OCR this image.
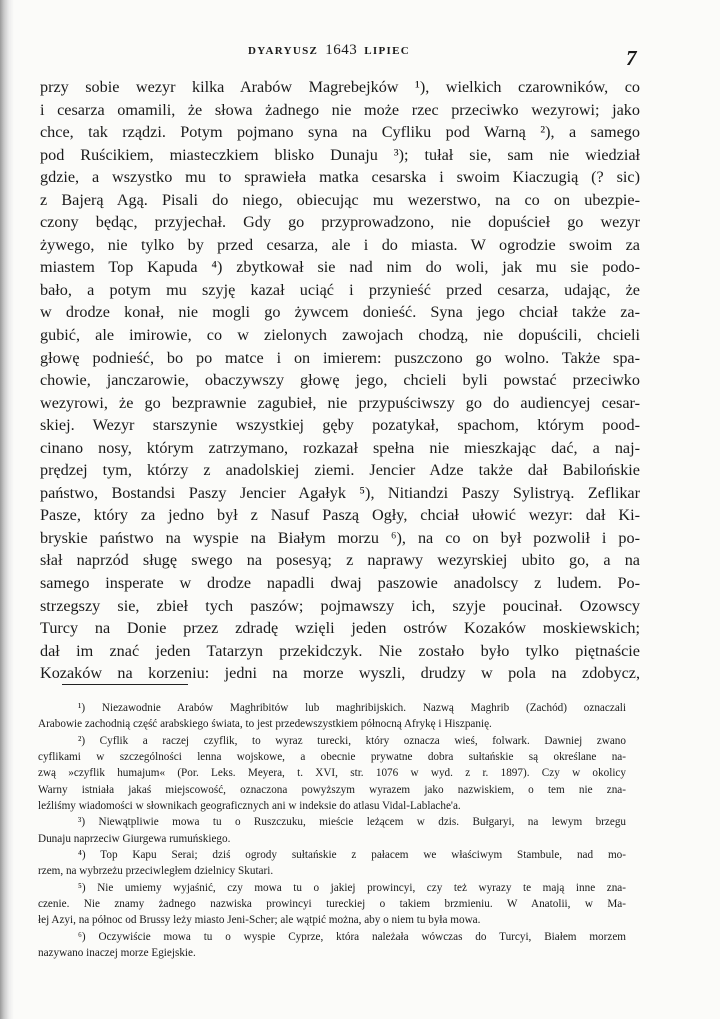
DYARYUSZ 1643 LIPIEC	7
przy sobie wezyr kilka Arabów Magrebejków ¹), wielkich czarowników, co
i cesarza omamili, że słowa żadnego nie może rzec przeciwko wezyrowi; jako
chce, tak rządzi. Potym pojmano syna na Cyfliku pod Warną ²), a samego
pod Ruścikiem, miasteczkiem blisko Dunaju ³); tułał sie, sam nie wiedział
gdzie, a wszystko mu to sprawieła matka cesarska i swoim Kiaczugią (? sic)
z Bajerą Agą. Pisali do niego, obiecując mu wezerstwo, na co on ubezpie-
czony będąc, przyjechał. Gdy go przyprowadzono, nie dopuścieł go wezyr
żywego, nie tylko by przed cesarza, ale i do miasta. W ogrodzie swoim za
miastem Top Kapuda ⁴) zbytkował sie nad nim do woli, jak mu sie podo-
bało, a potym mu szyję kazał uciąć i przynieść przed cesarza, udając, że
w drodze konał, nie mogli go żywcem donieść. Syna jego chciał także za-
gubić, ale imirowie, co w zielonych zawojach chodzą, nie dopuścili, chcieli
głowę podnieść, bo po matce i on imierem: puszczono go wolno. Także spa-
chowie, janczarowie, obaczywszy głowę jego, chcieli byli powstać przeciwko
wezyrowi, że go bezprawnie zagubieł, nie przypuściwszy go do audiencyej cesar-
skiej. Wezyr starszynie wszystkiej gęby pozatykał, spachom, którym pood-
cinano nosy, którym zatrzymano, rozkazał spełna nie mieszkając dać, a naj-
prędzej tym, którzy z anadolskiej ziemi. Jencier Adze także dał Babilońskie
państwo, Bostandsi Paszy Jencier Agałyk ⁵), Nitiandzi Paszy Sylistryą. Zeflikar
Pasze, który za jedno był z Nasuf Paszą Ogły, chciał ułowić wezyr: dał Ki-
bryskie państwo na wyspie na Białym morzu ⁶), na co on był pozwolił i po-
słał naprzód sługę swego na posesyą; z naprawy wezyrskiej ubito go, a na
samego insperate w drodze napadli dwaj paszowie anadolscy z ludem. Po-
strzegszy sie, zbieł tych paszów; pojmawszy ich, szyje poucinał. Ozowscy
Turcy na Donie przez zdradę wzięli jeden ostrów Kozaków moskiewskich;
dał im znać jeden Tatarzyn przekidczyk. Nie zostało było tylko piętnaście
Kozaków na korzeniu: jedni na morze wyszli, drudzy w pola na zdobycz,
¹) Niezawodnie Arabów Maghribitów lub maghribijskich. Nazwą Maghrib (Zachód) oznaczali
Arabowie zachodnią część arabskiego świata, to jest przedewszystkiem północną Afrykę i Hiszpanię.
²) Cyflik a raczej czyflik, to wyraz turecki, który oznacza wieś, folwark. Dawniej zwano
cyflikami w szczególności lenna wojskowe, a obecnie prywatne dobra sułtańskie są określane na-
zwą »czyflik humajum« (Por. Leks. Meyera, t. XVI, str. 1076 w wyd. z r. 1897). Czy w okolicy
Warny istniała jakaś miejscowość, oznaczona powyższym wyrazem jako nazwiskiem, o tem nie zna-
leźliśmy wiadomości w słownikach geograficznych ani w indeksie do atlasu Vidal-Lablache'a.
³) Niewątpliwie mowa tu o Ruszczuku, mieście leżącem w dzis. Bułgaryi, na lewym brzegu
Dunaju naprzeciw Giurgewa rumuńskiego.
⁴) Top Kapu Serai; dziś ogrody sułtańskie z pałacem we właściwym Stambule, nad mo-
rzem, na wybrzeżu przeciwległem dzielnicy Skutari.
⁵) Nie umiemy wyjaśnić, czy mowa tu o jakiej prowincyi, czy też wyrazy te mają inne zna-
czenie. Nie znamy żadnego nazwiska prowincyi tureckiej o takiem brzmieniu. W Anatolii, w Ma-
łej Azyi, na północ od Brussy leży miasto Jeni-Scher; ale wątpić można, aby o niem tu była mowa.
⁶) Oczywiście mowa tu o wyspie Cyprze, która należała wówczas do Turcyi, Białem morzem
nazywano inaczej morze Egiejskie.
